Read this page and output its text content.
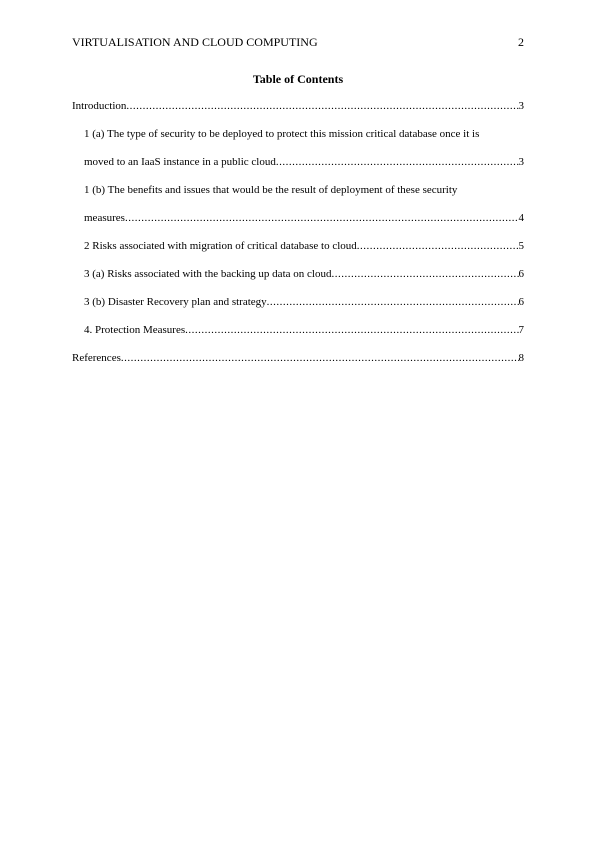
VIRTUALISATION AND CLOUD COMPUTING	2
Table of Contents
Introduction .....	3
1 (a) The type of security to be deployed to protect this mission critical database once it is
moved to an IaaS instance in a public cloud .....	3
1 (b) The benefits and issues that would be the result of deployment of these security
measures .....	4
2 Risks associated with migration of critical database to cloud .....	5
3 (a) Risks associated with the backing up data on cloud .....	6
3 (b) Disaster Recovery plan and strategy .....	6
4. Protection Measures .....	7
References .....	8
